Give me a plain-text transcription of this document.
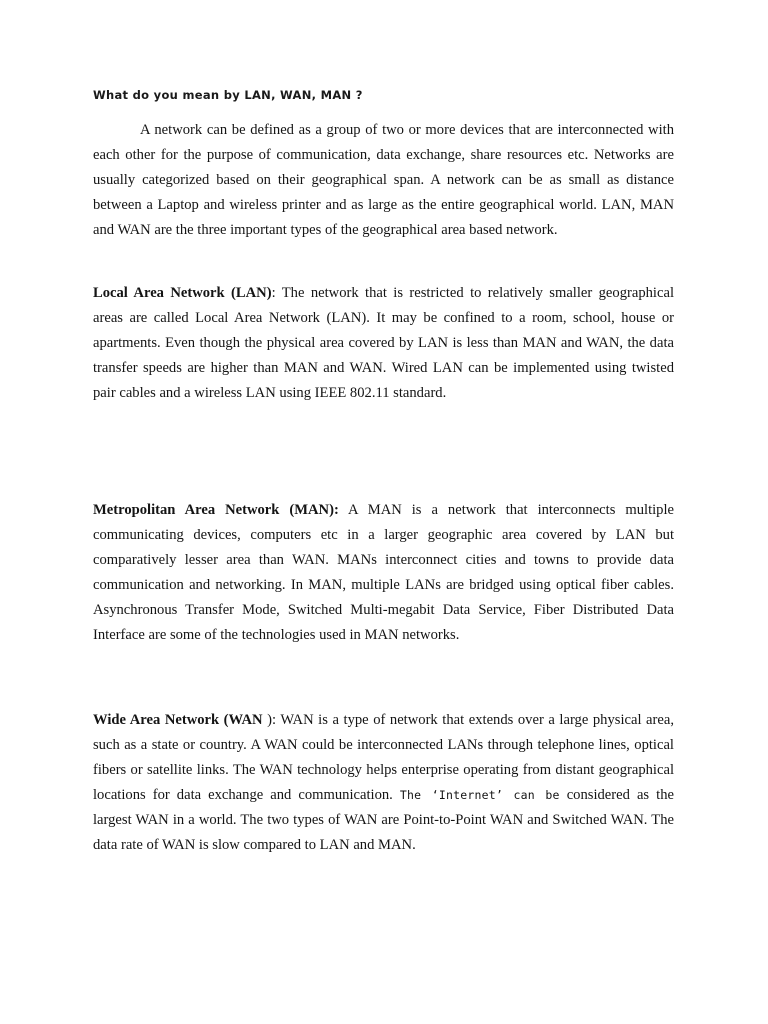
What do you mean by LAN, WAN, MAN ?

A network can be defined as a group of two or more devices that are interconnected with each other for the purpose of communication, data exchange, share resources etc. Networks are usually categorized based on their geographical span. A network can be as small as distance between a Laptop and wireless printer and as large as the entire geographical world. LAN, MAN and WAN are the three important types of the geographical area based network.

Local Area Network (LAN): The network that is restricted to relatively smaller geographical areas are called Local Area Network (LAN). It may be confined to a room, school, house or apartments. Even though the physical area covered by LAN is less than MAN and WAN, the data transfer speeds are higher than MAN and WAN. Wired LAN can be implemented using twisted pair cables and a wireless LAN using IEEE 802.11 standard.

Metropolitan Area Network (MAN): A MAN is a network that interconnects multiple communicating devices, computers etc in a larger geographic area covered by LAN but comparatively lesser area than WAN. MANs interconnect cities and towns to provide data communication and networking. In MAN, multiple LANs are bridged using optical fiber cables. Asynchronous Transfer Mode, Switched Multi-megabit Data Service, Fiber Distributed Data Interface are some of the technologies used in MAN networks.

Wide Area Network (WAN ): WAN is a type of network that extends over a large physical area, such as a state or country. A WAN could be interconnected LANs through telephone lines, optical fibers or satellite links. The WAN technology helps enterprise operating from distant geographical locations for data exchange and communication. The ‘Internet’ can be considered as the largest WAN in a world. The two types of WAN are Point-to-Point WAN and Switched WAN. The data rate of WAN is slow compared to LAN and MAN.
